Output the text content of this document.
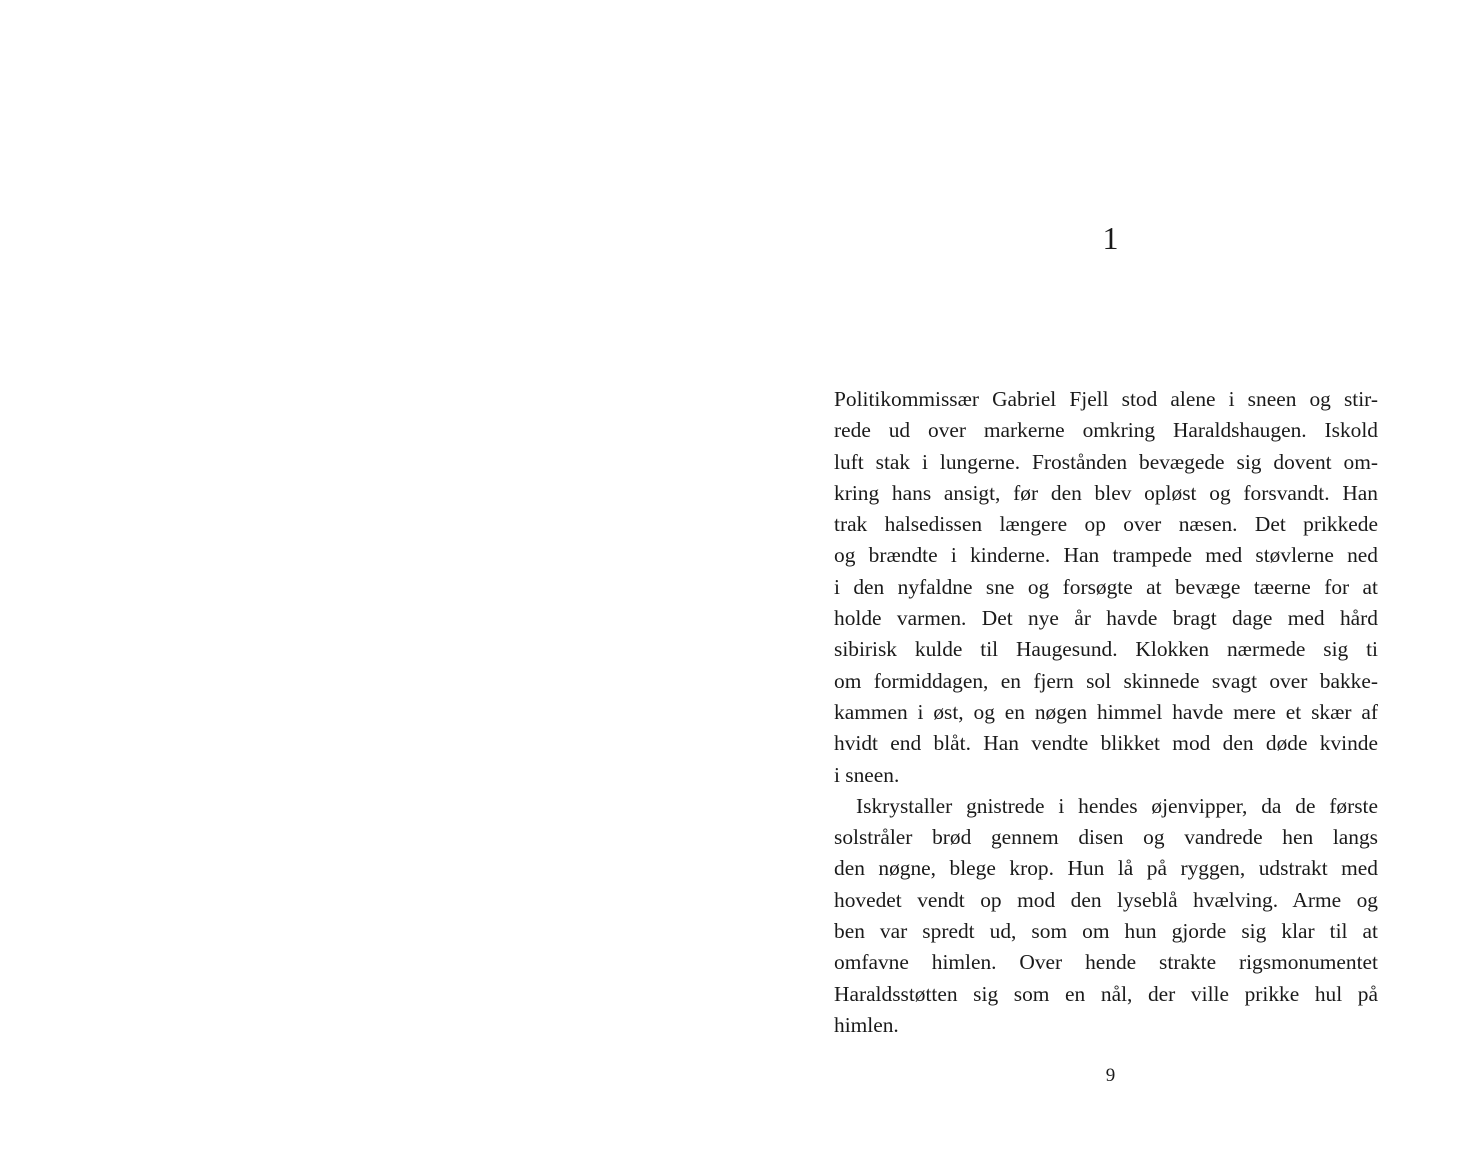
1
Politikommissær Gabriel Fjell stod alene i sneen og stir-
rede ud over markerne omkring Haraldshaugen. Iskold
luft stak i lungerne. Frostånden bevægede sig dovent om-
kring hans ansigt, før den blev opløst og forsvandt. Han
trak halsedissen længere op over næsen. Det prikkede
og brændte i kinderne. Han trampede med støvlerne ned
i den nyfaldne sne og forsøgte at bevæge tæerne for at
holde varmen. Det nye år havde bragt dage med hård
sibirisk kulde til Haugesund. Klokken nærmede sig ti
om formiddagen, en fjern sol skinnede svagt over bakke-
kammen i øst, og en nøgen himmel havde mere et skær af
hvidt end blåt. Han vendte blikket mod den døde kvinde
i sneen.
Iskrystaller gnistrede i hendes øjenvipper, da de første
solstråler brød gennem disen og vandrede hen langs
den nøgne, blege krop. Hun lå på ryggen, udstrakt med
hovedet vendt op mod den lyseblå hvælving. Arme og
ben var spredt ud, som om hun gjorde sig klar til at
omfavne himlen. Over hende strakte rigsmonumentet
Haraldsstøtten sig som en nål, der ville prikke hul på
himlen.
9
